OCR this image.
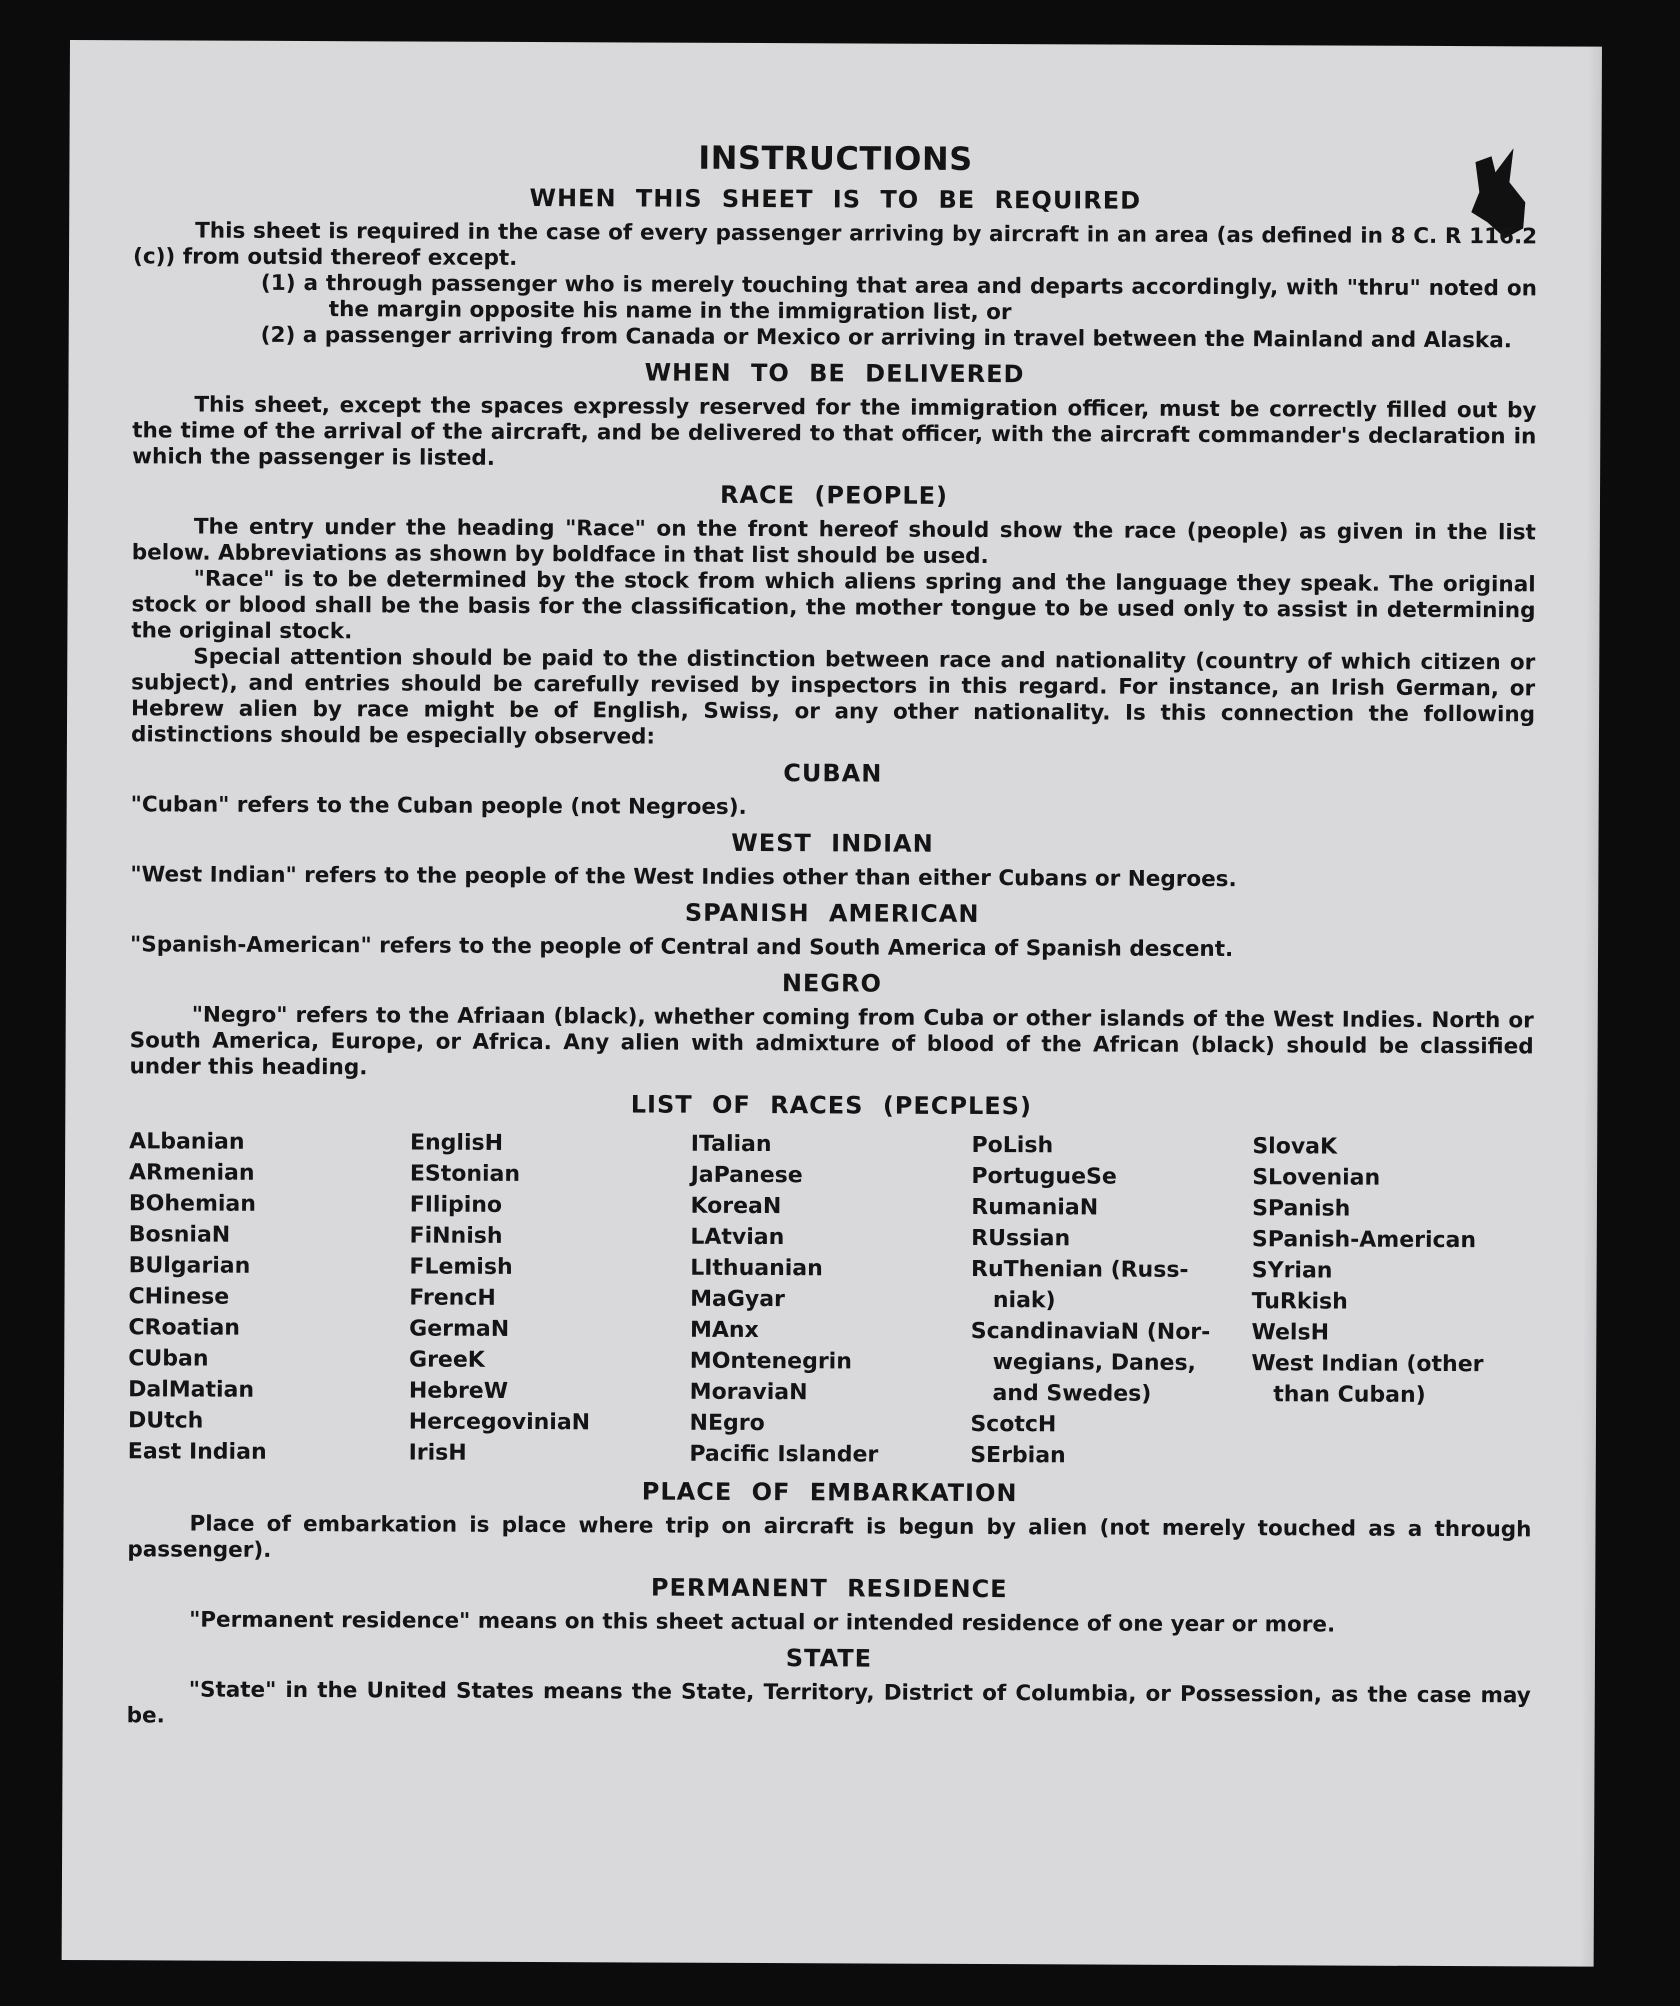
INSTRUCTIONS
WHEN THIS SHEET IS TO BE REQUIRED

This sheet is required in the case of every passenger arriving by aircraft in an area (as defined in 8 C. R 116.2 (c)) from outsid thereof except.

(1) a through passenger who is merely touching that area and departs accordingly, with "thru" noted on the margin opposite his name in the immigration list, or

(2) a passenger arriving from Canada or Mexico or arriving in travel between the Mainland and Alaska.

WHEN TO BE DELIVERED

This sheet, except the spaces expressly reserved for the immigration officer, must be correctly filled out by the time of the arrival of the aircraft, and be delivered to that officer, with the aircraft commander's declaration in which the passenger is listed.

RACE (PEOPLE)

The entry under the heading "Race" on the front hereof should show the race (people) as given in the list below. Abbreviations as shown by boldface in that list should be used.

"Race" is to be determined by the stock from which aliens spring and the language they speak. The original stock or blood shall be the basis for the classification, the mother tongue to be used only to assist in determining the original stock.

Special attention should be paid to the distinction between race and nationality (country of which citizen or subject), and entries should be carefully revised by inspectors in this regard. For instance, an Irish German, or Hebrew alien by race might be of English, Swiss, or any other nationality. Is this connection the following distinctions should be especially observed:

CUBAN

"Cuban" refers to the Cuban people (not Negroes).

WEST INDIAN

"West Indian" refers to the people of the West Indies other than either Cubans or Negroes.

SPANISH AMERICAN

"Spanish-American" refers to the people of Central and South America of Spanish descent.

NEGRO

"Negro" refers to the Afriaan (black), whether coming from Cuba or other islands of the West Indies. North or South America, Europe, or Africa. Any alien with admixture of blood of the African (black) should be classified under this heading.

LIST OF RACES (PECPLES)
ALbanian
ARmenian
BOhemian
BosniaN
BUlgarian
CHinese
CRoatian
CUban
DalMatian
DUtch
East Indian
EnglisH
EStonian
FIlipino
FiNnish
FLemish
FrencH
GermaN
GreeK
HebreW
HercegoviniaN
IrisH
ITalian
JaPanese
KoreaN
LAtvian
LIthuanian
MaGyar
MAnx
MOntenegrin
MoraviaN
NEgro
Pacific Islander
PoLish
PortugueSe
RumaniaN
RUssian
RuThenian (Russ-
niak)
ScandinaviaN (Nor-
wegians, Danes,
and Swedes)
ScotcH
SErbian
SlovaK
SLovenian
SPanish
SPanish-American
SYrian
TuRkish
WelsH
West Indian (other
than Cuban)
PLACE OF EMBARKATION

Place of embarkation is place where trip on aircraft is begun by alien (not merely touched as a through passenger).

PERMANENT RESIDENCE

"Permanent residence" means on this sheet actual or intended residence of one year or more.

STATE

"State" in the United States means the State, Territory, District of Columbia, or Possession, as the case may be.
